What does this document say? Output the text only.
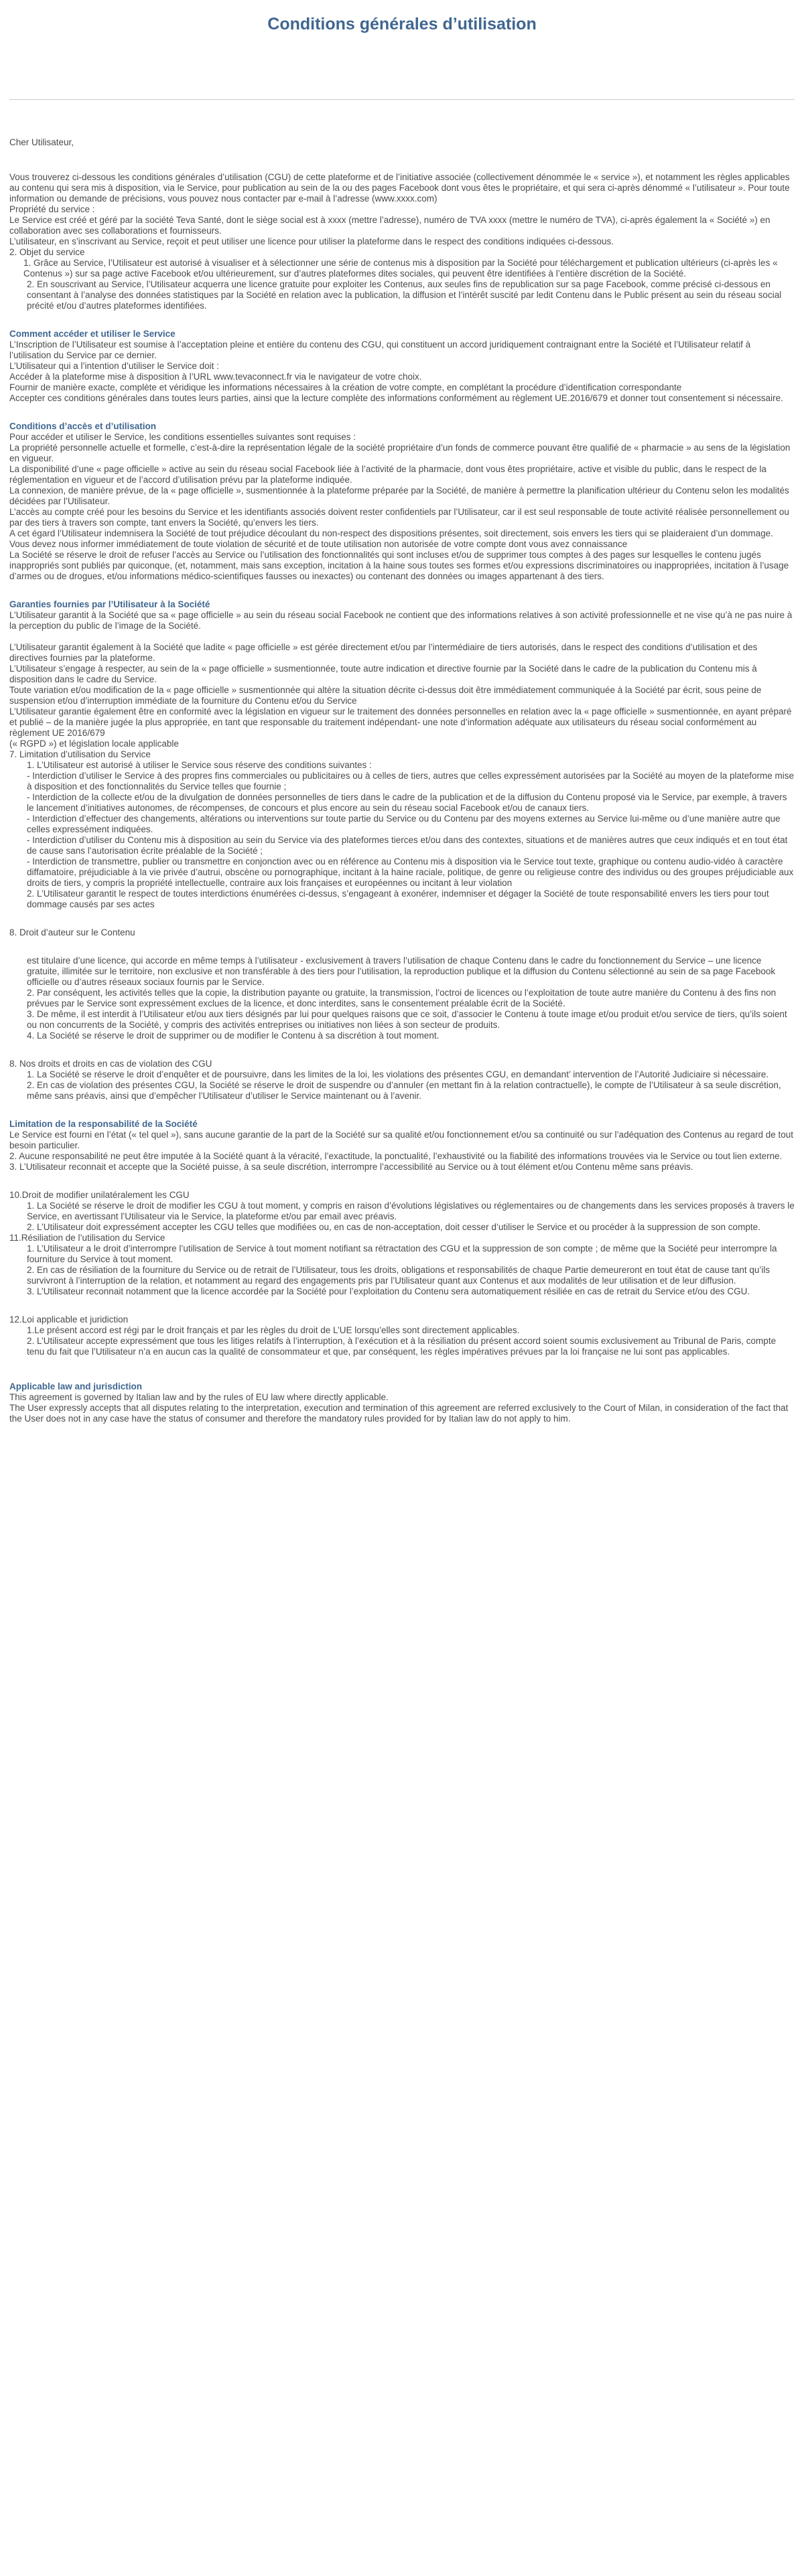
Conditions générales d’utilisation

Cher Utilisateur,

Vous trouverez ci-dessous les conditions générales d’utilisation (CGU) de cette plateforme et de l’initiative associée (collectivement dénommée le « service »), et notamment les règles applicables au contenu qui sera mis à disposition, via le Service, pour publication au sein de la ou des pages Facebook dont vous êtes le propriétaire, et qui sera ci-après dénommé « l’utilisateur ». Pour toute information ou demande de précisions, vous pouvez nous contacter par e-mail à l’adresse (www.xxxx.com)

Propriété du service :

Le Service est créé et géré par la société Teva Santé, dont le siège social est à xxxx (mettre l’adresse), numéro de TVA xxxx (mettre le numéro de TVA), ci-après également la « Société ») en collaboration avec ses collaborations et fournisseurs.

L’utilisateur, en s’inscrivant au Service, reçoit et peut utiliser une licence pour utiliser la plateforme dans le respect des conditions indiquées ci-dessous.

2. Objet du service

1. Grâce au Service, l’Utilisateur est autorisé à visualiser et à sélectionner une série de contenus mis à disposition par la Société pour téléchargement et publication ultérieurs (ci-après les « Contenus ») sur sa page active Facebook et/ou ultérieurement, sur d’autres plateformes dites sociales, qui peuvent être identifiées à l’entière discrétion de la Société.

2. En souscrivant au Service, l’Utilisateur acquerra une licence gratuite pour exploiter les Contenus, aux seules fins de republication sur sa page Facebook, comme précisé ci-dessous en consentant à l’analyse des données statistiques par la Société en relation avec la publication, la diffusion et l’intérêt suscité par ledit Contenu dans le Public présent au sein du réseau social précité et/ou d’autres plateformes identifiées.

Comment accéder et utiliser le Service

L’Inscription de l’Utilisateur est soumise à l’acceptation pleine et entière du contenu des CGU, qui constituent un accord juridiquement contraignant entre la Société et l’Utilisateur relatif à l’utilisation du Service par ce dernier.

L’Utilisateur qui a l’intention d’utiliser le Service doit :

Accéder à la plateforme mise à disposition à l’URL www.tevaconnect.fr via le navigateur de votre choix.

Fournir de manière exacte, complète et véridique les informations nécessaires à la création de votre compte, en complétant la procédure d’identification correspondante

Accepter ces conditions générales dans toutes leurs parties, ainsi que la lecture complète des informations conformément au règlement UE.2016/679 et donner tout consentement si nécessaire.

Conditions d’accès et d’utilisation

Pour accéder et utiliser le Service, les conditions essentielles suivantes sont requises :

La propriété personnelle actuelle et formelle, c’est-à-dire la représentation légale de la société propriétaire d’un fonds de commerce pouvant être qualifié de « pharmacie » au sens de la législation en vigueur.

La disponibilité d’une « page officielle » active au sein du réseau social Facebook liée à l’activité de la pharmacie, dont vous êtes propriétaire, active et visible du public, dans le respect de la réglementation en vigueur et de l’accord d’utilisation prévu par la plateforme indiquée.

La connexion, de manière prévue, de la « page officielle », susmentionnée à la plateforme préparée par la Société, de manière à permettre la planification ultérieur du Contenu selon les modalités décidées par l’Utilisateur.

L’accès au compte créé pour les besoins du Service et les identifiants associés doivent rester confidentiels par l’Utilisateur, car il est seul responsable de toute activité réalisée personnellement ou par des tiers à travers son compte, tant envers la Société, qu’envers les tiers.

A cet égard l’Utilisateur indemnisera la Société de tout préjudice découlant du non-respect des dispositions présentes, soit directement, sois envers les tiers qui se plaideraient d’un dommage.

Vous devez nous informer immédiatement de toute violation de sécurité et de toute utilisation non autorisée de votre compte dont vous avez connaissance

La Société se réserve le droit de refuser l’accès au Service ou l’utilisation des fonctionnalités qui sont incluses et/ou de supprimer tous comptes à des pages sur lesquelles le contenu jugés inappropriés sont publiés par quiconque, (et, notamment, mais sans exception, incitation à la haine sous toutes ses formes et/ou expressions discriminatoires ou inappropriées, incitation à l’usage d’armes ou de drogues, et/ou informations médico-scientifiques fausses ou inexactes) ou contenant des données ou images appartenant à des tiers.

Garanties fournies par l’Utilisateur à la Société

L’Utilisateur garantit à la Société que sa « page officielle » au sein du réseau social Facebook ne contient que des informations relatives à son activité professionnelle et ne vise qu’à ne pas nuire à la perception du public de l’image de la Société.

L’Utilisateur garantit également à la Société que ladite « page officielle » est gérée directement et/ou par l’intermédiaire de tiers autorisés, dans le respect des conditions d’utilisation et des directives fournies par la plateforme.

L’Utilisateur s’engage à respecter, au sein de la « page officielle » susmentionnée, toute autre indication et directive fournie par la Société dans le cadre de la publication du Contenu mis à disposition dans le cadre du Service.

Toute variation et/ou modification de la « page officielle » susmentionnée qui altère la situation décrite ci-dessus doit être immédiatement communiquée à la Société par écrit, sous peine de suspension et/ou d’interruption immédiate de la fourniture du Contenu et/ou du Service

L’Utilisateur garantie également être en conformité avec la législation en vigueur sur le traitement des données personnelles en relation avec la « page officielle » susmentionnée, en ayant préparé et publié – de la manière jugée la plus appropriée, en tant que responsable du traitement indépendant- une note d’information adéquate aux utilisateurs du réseau social conformément au règlement UE 2016/679

(« RGPD ») et législation locale applicable

7. Limitation d’utilisation du Service

1. L’Utilisateur est autorisé à utiliser le Service sous réserve des conditions suivantes :

- Interdiction d’utiliser le Service à des propres fins commerciales ou publicitaires ou à celles de tiers, autres que celles expressément autorisées par la Société au moyen de la plateforme mise à disposition et des fonctionnalités du Service telles que fournie ;

- Interdiction de la collecte et/ou de la divulgation de données personnelles de tiers dans le cadre de la publication et de la diffusion du Contenu proposé via le Service, par exemple, à travers le lancement d’initiatives autonomes, de récompenses, de concours et plus encore au sein du réseau social Facebook et/ou de canaux tiers.

- Interdiction d’effectuer des changements, altérations ou interventions sur toute partie du Service ou du Contenu par des moyens externes au Service lui-même ou d’une manière autre que celles expressément indiquées.

- Interdiction d’utiliser du Contenu mis à disposition au sein du Service via des plateformes tierces et/ou dans des contextes, situations et de manières autres que ceux indiqués et en tout état de cause sans l’autorisation écrite préalable de la Société ;

- Interdiction de transmettre, publier ou transmettre en conjonction avec ou en référence au Contenu mis à disposition via le Service tout texte, graphique ou contenu audio-vidéo à caractère diffamatoire, préjudiciable à la vie privée d’autrui, obscène ou pornographique, incitant à la haine raciale, politique, de genre ou religieuse contre des individus ou des groupes préjudiciable aux droits de tiers, y compris la propriété intellectuelle, contraire aux lois françaises et européennes ou incitant à leur violation

2. L’Utilisateur garantit le respect de toutes interdictions énumérées ci-dessus, s’engageant à exonérer, indemniser et dégager la Société de toute responsabilité envers les tiers pour tout dommage causés par ses actes

8. Droit d’auteur sur le Contenu

est titulaire d’une licence, qui accorde en même temps à l’utilisateur - exclusivement à travers l’utilisation de chaque Contenu dans le cadre du fonctionnement du Service – une licence gratuite, illimitée sur le territoire, non exclusive et non transférable à des tiers pour l’utilisation, la reproduction publique et la diffusion du Contenu sélectionné au sein de sa page Facebook officielle ou d’autres réseaux sociaux fournis par le Service.

2. Par conséquent, les activités telles que la copie, la distribution payante ou gratuite, la transmission, l’octroi de licences ou l’exploitation de toute autre manière du Contenu à des fins non prévues par le Service sont expressément exclues de la licence, et donc interdites, sans le consentement préalable écrit de la Société.

3. De même, il est interdit à l’Utilisateur et/ou aux tiers désignés par lui pour quelques raisons que ce soit, d’associer le Contenu à toute image et/ou produit et/ou service de tiers, qu’ils soient ou non concurrents de la Société, y compris des activités entreprises ou initiatives non liées à son secteur de produits.

4. La Société se réserve le droit de supprimer ou de modifier le Contenu à sa discrétion à tout moment.

8. Nos droits et droits en cas de violation des CGU

1. La Société se réserve le droit d’enquêter et de poursuivre, dans les limites de la loi, les violations des présentes CGU, en demandant’ intervention de l’Autorité Judiciaire si nécessaire.

2. En cas de violation des présentes CGU, la Société se réserve le droit de suspendre ou d’annuler (en mettant fin à la relation contractuelle), le compte de l’Utilisateur à sa seule discrétion, même sans préavis, ainsi que d’empêcher l’Utilisateur d’utiliser le Service maintenant ou à l’avenir.

Limitation de la responsabilité de la Société

Le Service est fourni en l’état (« tel quel »), sans aucune garantie de la part de la Société sur sa qualité et/ou fonctionnement et/ou sa continuité ou sur l’adéquation des Contenus au regard de tout besoin particulier.

2. Aucune responsabilité ne peut être imputée à la Société quant à la véracité, l’exactitude, la ponctualité, l’exhaustivité ou la fiabilité des informations trouvées via le Service ou tout lien externe.

3. L’Utilisateur reconnait et accepte que la Société puisse, à sa seule discrétion, interrompre l’accessibilité au Service ou à tout élément et/ou Contenu même sans préavis.

10.Droit de modifier unilatéralement les CGU

1. La Société se réserve le droit de modifier les CGU à tout moment, y compris en raison d’évolutions législatives ou réglementaires ou de changements dans les services proposés à travers le Service, en avertissant l’Utilisateur via le Service, la plateforme et/ou par email avec préavis.

2. L’Utilisateur doit expressément accepter les CGU telles que modifiées ou, en cas de non-acceptation, doit cesser d’utiliser le Service et ou procéder à la suppression de son compte.

11.Résiliation de l’utilisation du Service

1. L’Utilisateur a le droit d’interrompre l’utilisation de Service à tout moment notifiant sa rétractation des CGU et la suppression de son compte ; de même que la Société peur interrompre la fourniture du Service à tout moment.

2. En cas de résiliation de la fourniture du Service ou de retrait de l’Utilisateur, tous les droits, obligations et responsabilités de chaque Partie demeureront en tout état de cause tant qu’ils survivront à l’interruption de la relation, et notamment au regard des engagements pris par l’Utilisateur quant aux Contenus et aux modalités de leur utilisation et de leur diffusion.

3. L’Utilisateur reconnait notamment que la licence accordée par la Société pour l’exploitation du Contenu sera automatiquement résiliée en cas de retrait du Service et/ou des CGU.

12.Loi applicable et juridiction

1.Le présent accord est régi par le droit français et par les règles du droit de L’UE lorsqu’elles sont directement applicables.

2. L’Utilisateur accepte expressément que tous les litiges relatifs à l’interruption, à l’exécution et à la résiliation du présent accord soient soumis exclusivement au Tribunal de Paris, compte tenu du fait que l’Utilisateur n’a en aucun cas la qualité de consommateur et que, par conséquent, les règles impératives prévues par la loi française ne lui sont pas applicables.

Applicable law and jurisdiction

This agreement is governed by Italian law and by the rules of EU law where directly applicable.

The User expressly accepts that all disputes relating to the interpretation, execution and termination of this agreement are referred exclusively to the Court of Milan, in consideration of the fact that the User does not in any case have the status of consumer and therefore the mandatory rules provided for by Italian law do not apply to him.
